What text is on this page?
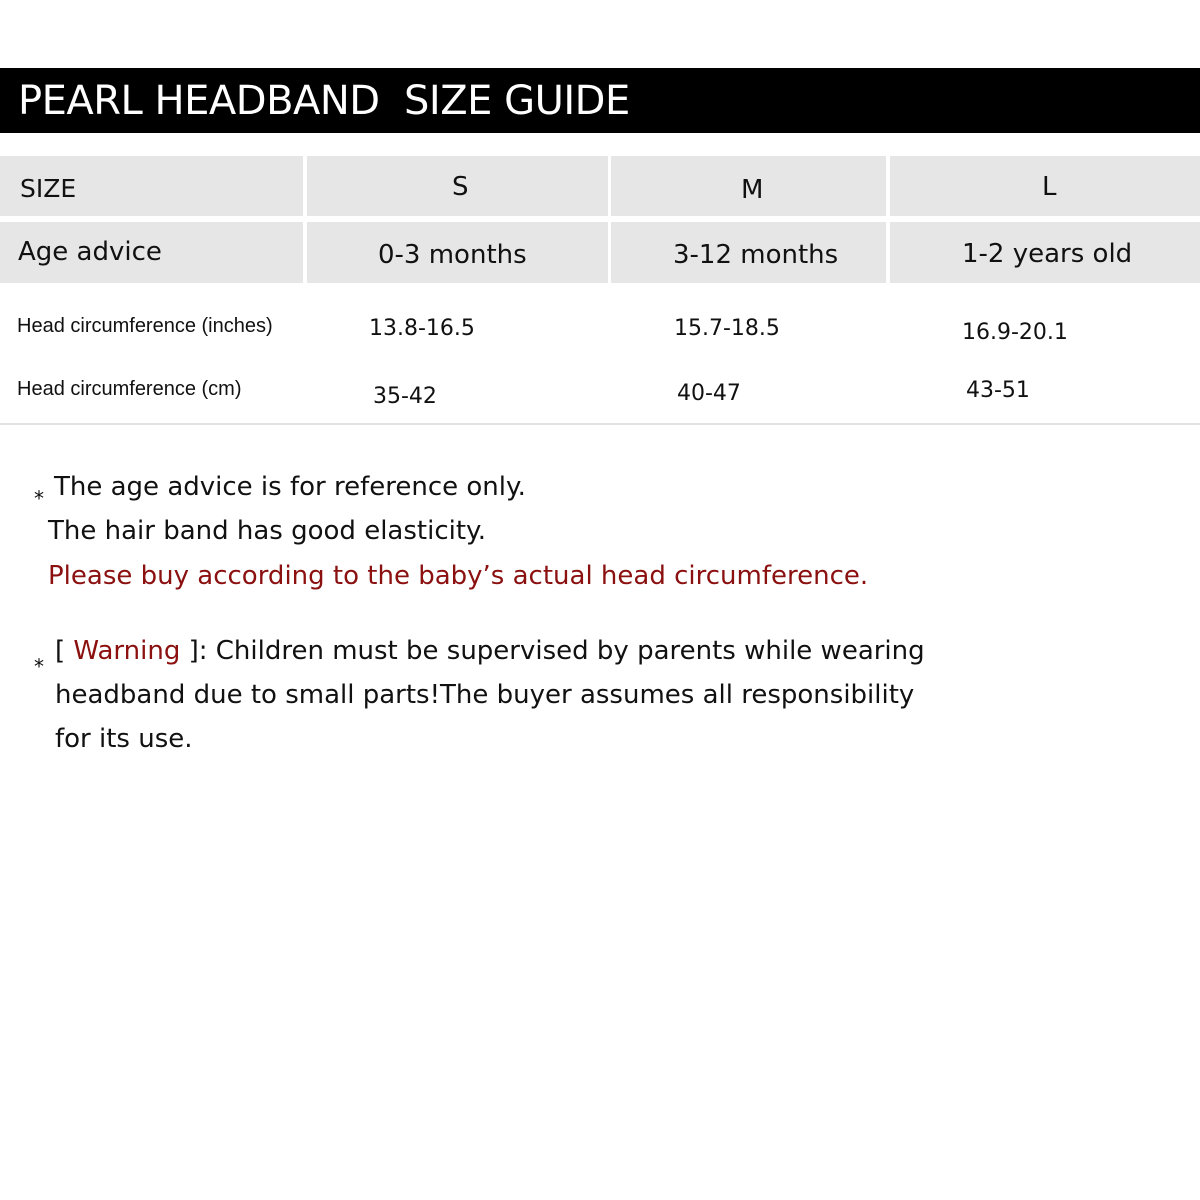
PEARL HEADBAND  SIZE GUIDE
SIZE	S	M	L
Age advice	0-3 months	3-12 months	1-2 years old
Head circumference (inches)	13.8-16.5	15.7-18.5	16.9-20.1
Head circumference (cm)	35-42	40-47	43-51
⁎ The age advice is for reference only.
The hair band has good elasticity.
Please buy according to the baby’s actual head circumference.
⁎ [ Warning ]: Children must be supervised by parents while wearing
headband due to small parts!The buyer assumes all responsibility
for its use.
